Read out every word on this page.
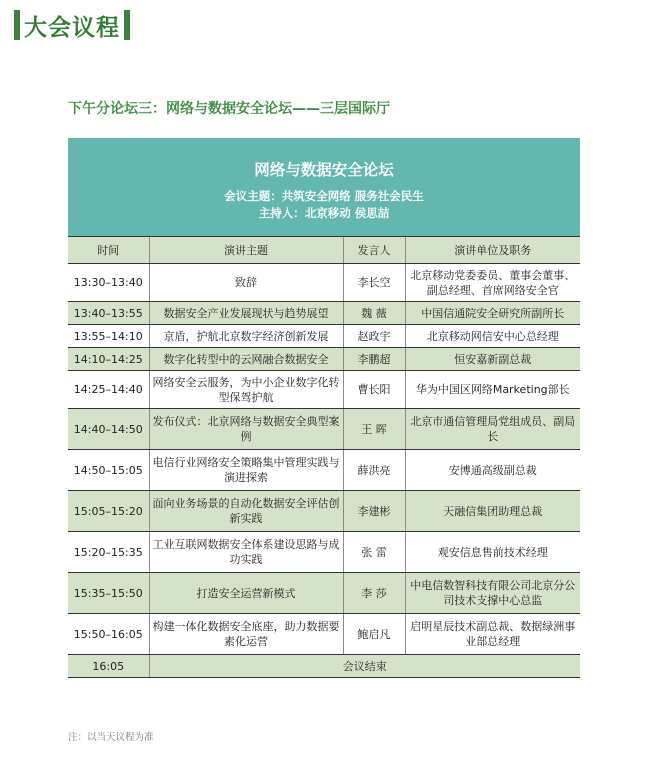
大会议程
下午分论坛三：网络与数据安全论坛——三层国际厅
网络与数据安全论坛
会议主题：共筑安全网络 服务社会民生
主持人：北京移动 侯思喆
时间	演讲主题	发言人	演讲单位及职务
13:30–13:40	致辞	李长空	北京移动党委委员、董事会董事、副总经理、首席网络安全官
13:40–13:55	数据安全产业发展现状与趋势展望	魏 薇	中国信通院安全研究所副所长
13:55–14:10	京盾，护航北京数字经济创新发展	赵政宇	北京移动网信安中心总经理
14:10–14:25	数字化转型中的云网融合数据安全	李鹏超	恒安嘉新副总裁
14:25–14:40	网络安全云服务，为中小企业数字化转型保驾护航	曹长阳	华为中国区网络Marketing部长
14:40–14:50	发布仪式：北京网络与数据安全典型案例	王 晖	北京市通信管理局党组成员、副局长
14:50–15:05	电信行业网络安全策略集中管理实践与演进探索	薛洪亮	安博通高级副总裁
15:05–15:20	面向业务场景的自动化数据安全评估创新实践	李建彬	天融信集团助理总裁
15:20–15:35	工业互联网数据安全体系建设思路与成功实践	张 雷	观安信息售前技术经理
15:35–15:50	打造安全运营新模式	李 莎	中电信数智科技有限公司北京分公司技术支撑中心总监
15:50–16:05	构建一体化数据安全底座，助力数据要素化运营	鲍启凡	启明星辰技术副总裁、数据绿洲事业部总经理
16:05	会议结束		
注：以当天议程为准
